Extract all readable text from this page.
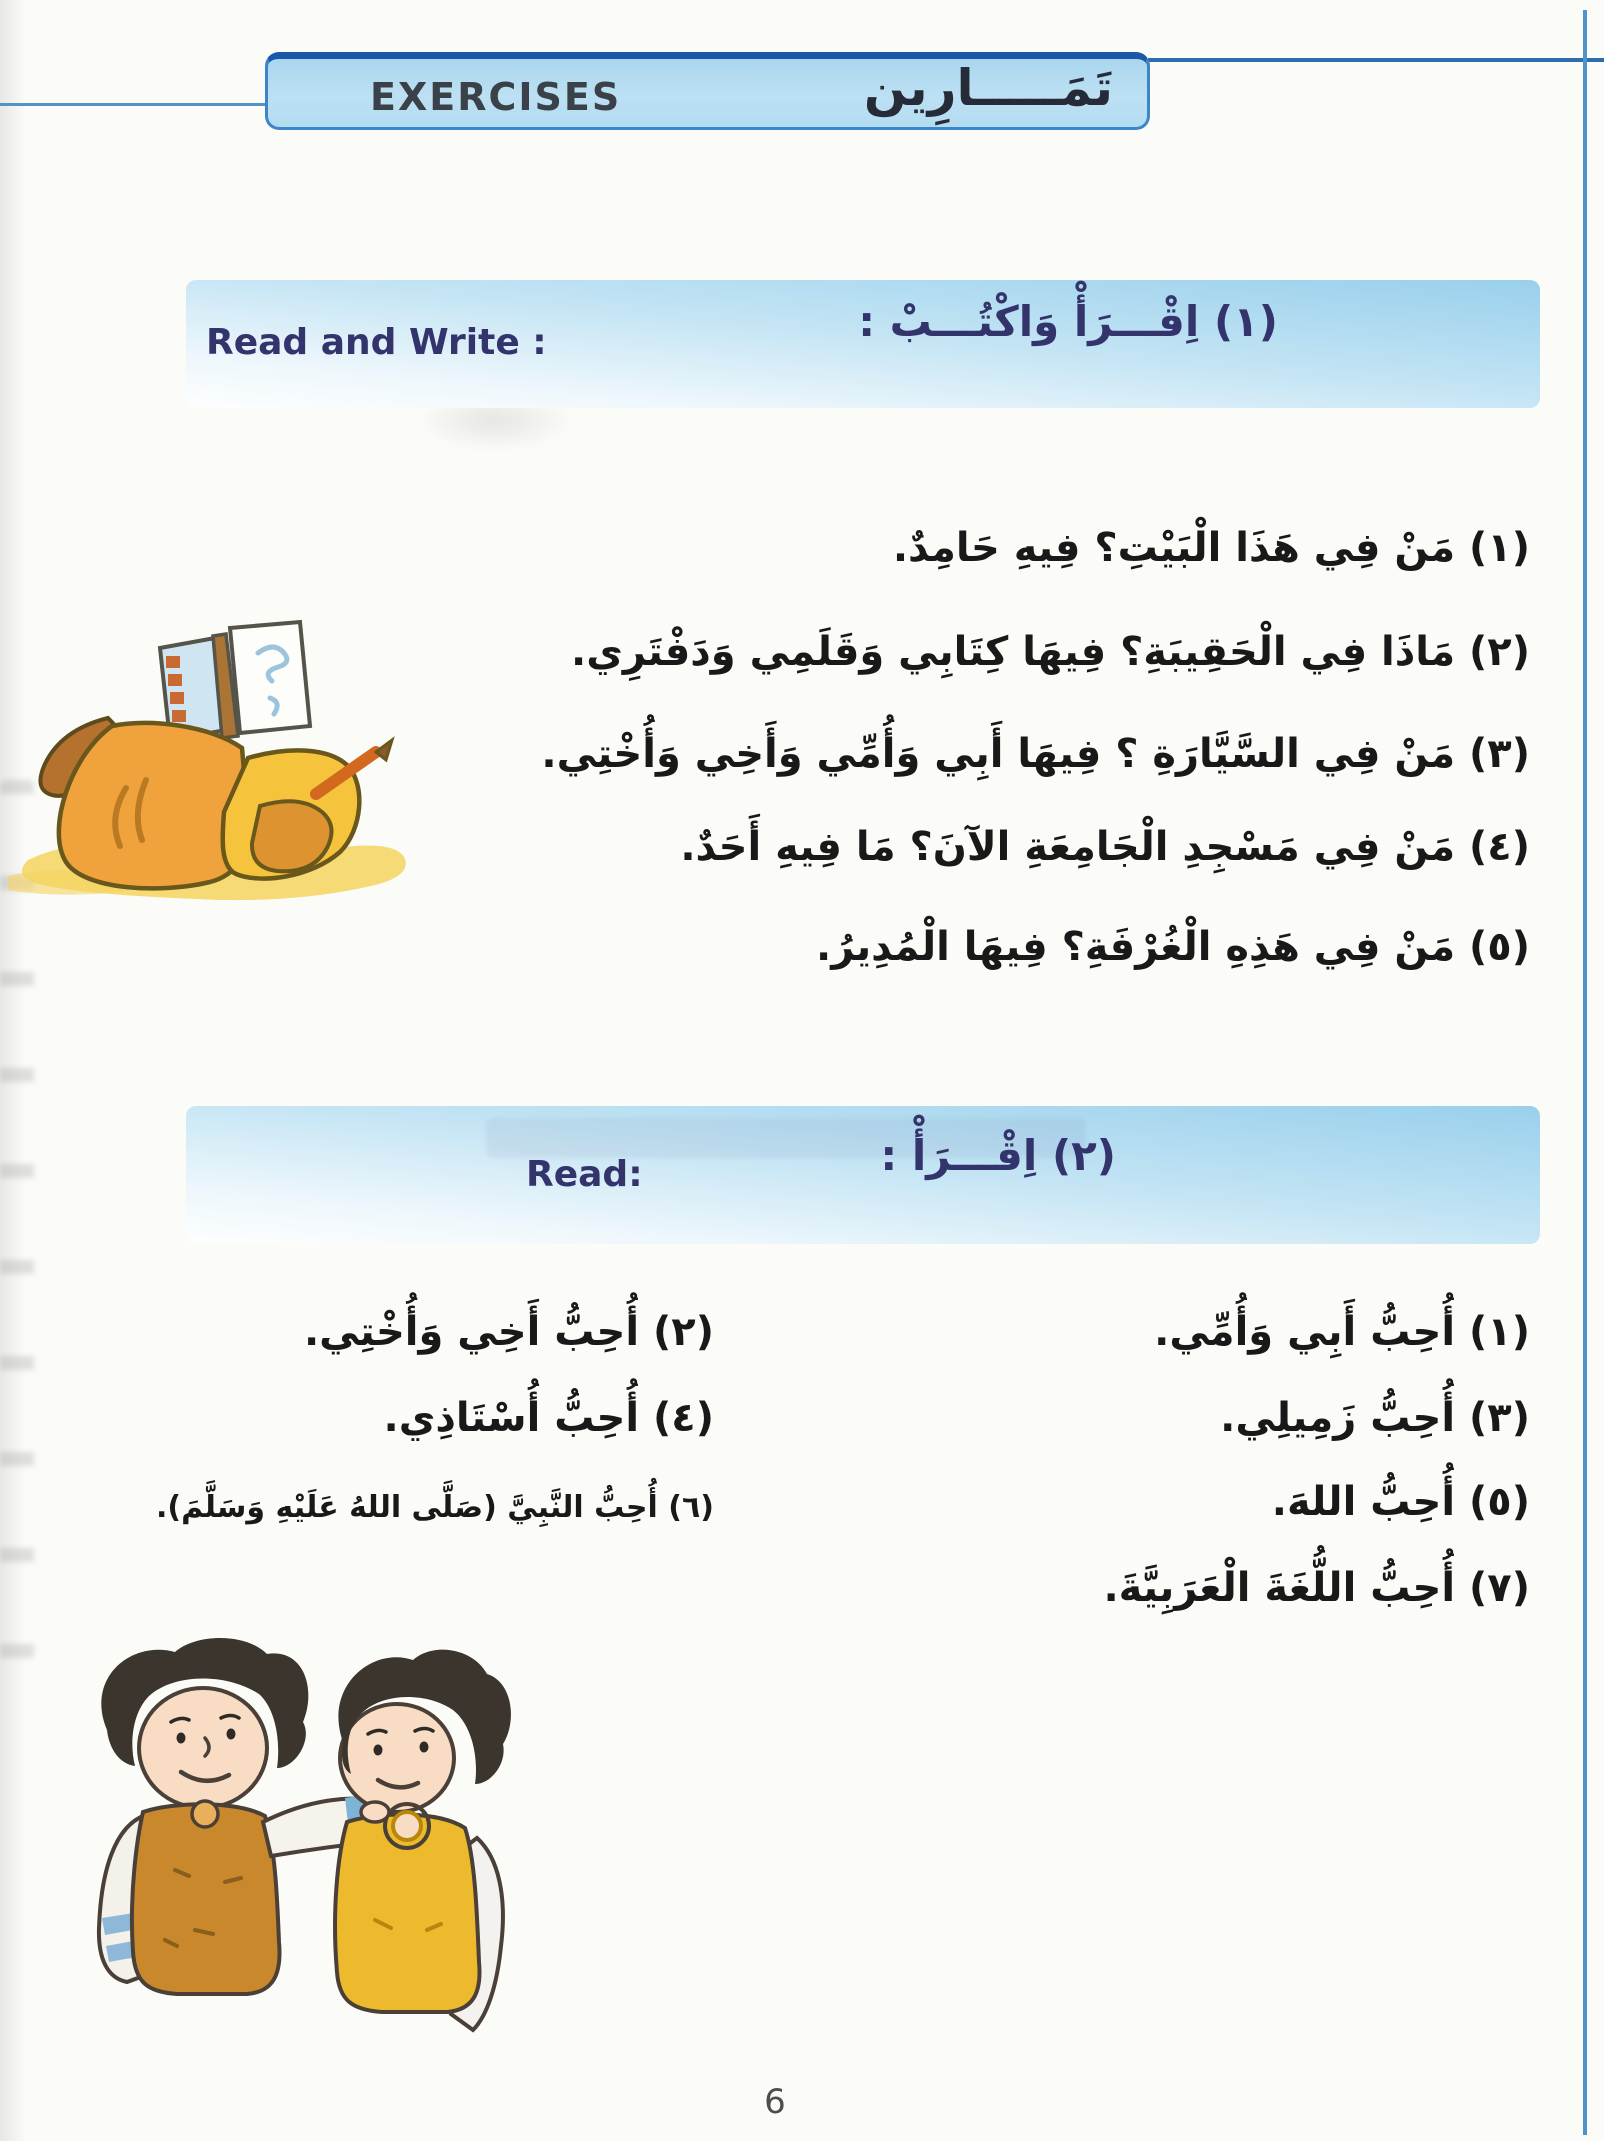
EXERCISES	تَمَـــــارِين
Read and Write :	(١) اِقْـــرَأْ وَاكْتُـــبْ :
(١) مَنْ فِي هَذَا الْبَيْتِ؟ فِيهِ حَامِدٌ.
(٢) مَاذَا فِي الْحَقِيبَةِ؟ فِيهَا كِتَابِي وَقَلَمِي وَدَفْتَرِي.
(٣) مَنْ فِي السَّيَّارَةِ ؟ فِيهَا أَبِي وَأُمِّي وَأَخِي وَأُخْتِي.
(٤) مَنْ فِي مَسْجِدِ الْجَامِعَةِ الآنَ؟ مَا فِيهِ أَحَدٌ.
(٥) مَنْ فِي هَذِهِ الْغُرْفَةِ؟ فِيهَا الْمُدِيرُ.
Read:	(٢) اِقْـــرَأْ :
(١) أُحِبُّ أَبِي وَأُمِّي.
(٣) أُحِبُّ زَمِيلِي.
(٥) أُحِبُّ اللهَ.
(٧) أُحِبُّ اللُّغَةَ الْعَرَبِيَّةَ.
(٢) أُحِبُّ أَخِي وَأُخْتِي.
(٤) أُحِبُّ أُسْتَاذِي.
(٦) أُحِبُّ النَّبِيَّ (صَلَّى اللهُ عَلَيْهِ وَسَلَّمَ).
6
